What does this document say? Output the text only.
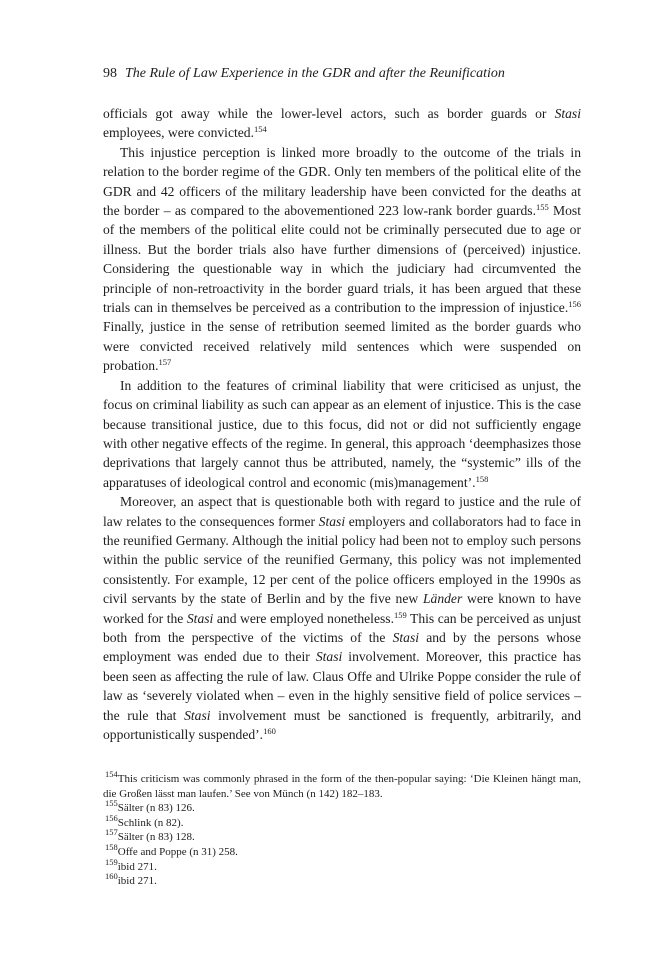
98 The Rule of Law Experience in the GDR and after the Reunification

officials got away while the lower-level actors, such as border guards or Stasi employees, were convicted.$^{154}$

This injustice perception is linked more broadly to the outcome of the trials in relation to the border regime of the GDR. Only ten members of the political elite of the GDR and 42 officers of the military leadership have been convicted for the deaths at the border – as compared to the abovementioned 223 low-rank border guards.$^{155}$ Most of the members of the political elite could not be criminally persecuted due to age or illness. But the border trials also have further dimensions of (perceived) injustice. Considering the questionable way in which the judiciary had circumvented the principle of non-retroactivity in the border guard trials, it has been argued that these trials can in themselves be perceived as a contribution to the impression of injustice.$^{156}$ Finally, justice in the sense of retribution seemed limited as the border guards who were convicted received relatively mild sentences which were suspended on probation.$^{157}$

In addition to the features of criminal liability that were criticised as unjust, the focus on criminal liability as such can appear as an element of injustice. This is the case because transitional justice, due to this focus, did not or did not sufficiently engage with other negative effects of the regime. In general, this approach ‘deemphasizes those deprivations that largely cannot thus be attributed, namely, the “systemic” ills of the apparatuses of ideological control and economic (mis)management’.$^{158}$

Moreover, an aspect that is questionable both with regard to justice and the rule of law relates to the consequences former Stasi employers and collaborators had to face in the reunified Germany. Although the initial policy had been not to employ such persons within the public service of the reunified Germany, this policy was not implemented consistently. For example, 12 per cent of the police officers employed in the 1990s as civil servants by the state of Berlin and by the five new Länder were known to have worked for the Stasi and were employed nonetheless.$^{159}$ This can be perceived as unjust both from the perspective of the victims of the Stasi and by the persons whose employment was ended due to their Stasi involvement. Moreover, this practice has been seen as affecting the rule of law. Claus Offe and Ulrike Poppe consider the rule of law as ‘severely violated when – even in the highly sensitive field of police services – the rule that Stasi involvement must be sanctioned is frequently, arbitrarily, and opportunistically suspended’.$^{160}$

$^{154}$This criticism was commonly phrased in the form of the then-popular saying: ‘Die Kleinen hängt man, die Großen lässt man laufen.’ See von Münch (n 142) 182–183.

$^{155}$Sälter (n 83) 126.

$^{156}$Schlink (n 82).

$^{157}$Sälter (n 83) 128.

$^{158}$Offe and Poppe (n 31) 258.

$^{159}$ibid 271.

$^{160}$ibid 271.
